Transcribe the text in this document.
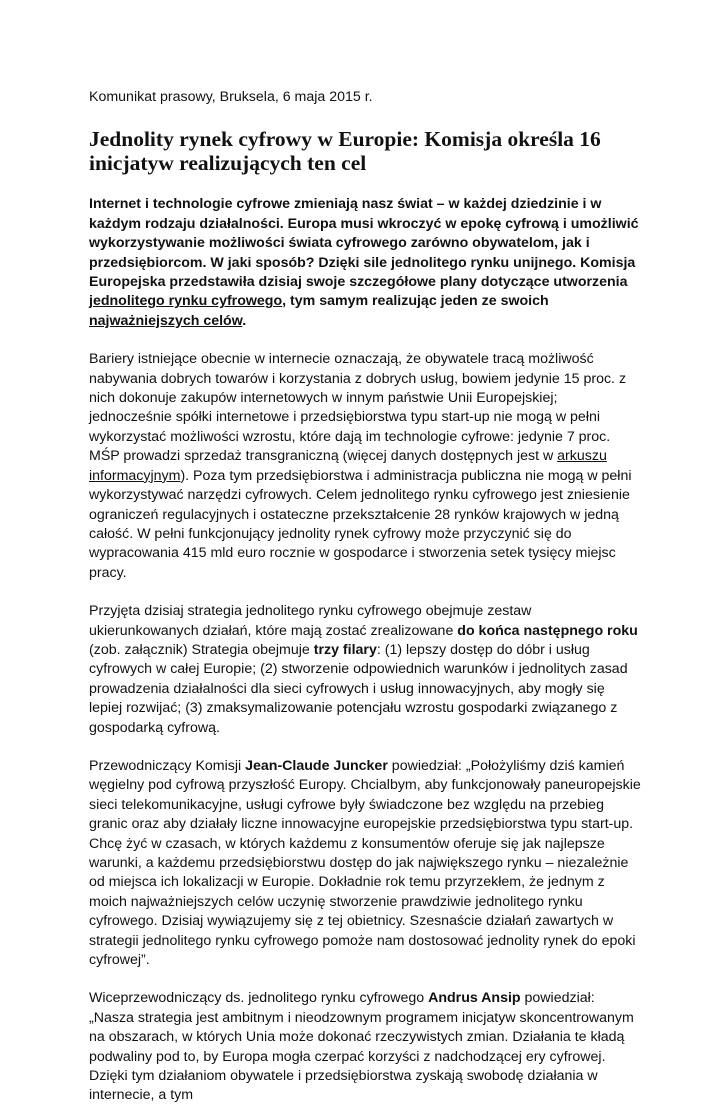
Komunikat prasowy, Bruksela, 6 maja 2015 r.
Jednolity rynek cyfrowy w Europie: Komisja określa 16 inicjatyw realizujących ten cel

Internet i technologie cyfrowe zmieniają nasz świat – w każdej dziedzinie i w każdym rodzaju działalności. Europa musi wkroczyć w epokę cyfrową i umożliwić wykorzystywanie możliwości świata cyfrowego zarówno obywatelom, jak i przedsiębiorcom. W jaki sposób? Dzięki sile jednolitego rynku unijnego. Komisja Europejska przedstawiła dzisiaj swoje szczegółowe plany dotyczące utworzenia jednolitego rynku cyfrowego, tym samym realizując jeden ze swoich najważniejszych celów.

Bariery istniejące obecnie w internecie oznaczają, że obywatele tracą możliwość nabywania dobrych towarów i korzystania z dobrych usług, bowiem jedynie 15 proc. z nich dokonuje zakupów internetowych w innym państwie Unii Europejskiej; jednocześnie spółki internetowe i przedsiębiorstwa typu start-up nie mogą w pełni wykorzystać możliwości wzrostu, które dają im technologie cyfrowe: jedynie 7 proc. MŚP prowadzi sprzedaż transgraniczną (więcej danych dostępnych jest w arkuszu informacyjnym). Poza tym przedsiębiorstwa i administracja publiczna nie mogą w pełni wykorzystywać narzędzi cyfrowych. Celem jednolitego rynku cyfrowego jest zniesienie ograniczeń regulacyjnych i ostateczne przekształcenie 28 rynków krajowych w jedną całość. W pełni funkcjonujący jednolity rynek cyfrowy może przyczynić się do wypracowania 415 mld euro rocznie w gospodarce i stworzenia setek tysięcy miejsc pracy.

Przyjęta dzisiaj strategia jednolitego rynku cyfrowego obejmuje zestaw ukierunkowanych działań, które mają zostać zrealizowane do końca następnego roku (zob. załącznik) Strategia obejmuje trzy filary: (1) lepszy dostęp do dóbr i usług cyfrowych w całej Europie; (2) stworzenie odpowiednich warunków i jednolitych zasad prowadzenia działalności dla sieci cyfrowych i usług innowacyjnych, aby mogły się lepiej rozwijać; (3) zmaksymalizowanie potencjału wzrostu gospodarki związanego z gospodarką cyfrową.

Przewodniczący Komisji Jean-Claude Juncker powiedział: „Położyliśmy dziś kamień węgielny pod cyfrową przyszłość Europy. Chcialbym, aby funkcjonowały paneuropejskie sieci telekomunikacyjne, usługi cyfrowe były świadczone bez względu na przebieg granic oraz aby działały liczne innowacyjne europejskie przedsiębiorstwa typu start-up. Chcę żyć w czasach, w których każdemu z konsumentów oferuje się jak najlepsze warunki, a każdemu przedsiębiorstwu dostęp do jak największego rynku – niezależnie od miejsca ich lokalizacji w Europie. Dokładnie rok temu przyrzekłem, że jednym z moich najważniejszych celów uczynię stworzenie prawdziwie jednolitego rynku cyfrowego. Dzisiaj wywiązujemy się z tej obietnicy. Szesnaście działań zawartych w strategii jednolitego rynku cyfrowego pomoże nam dostosować jednolity rynek do epoki cyfrowej”.

Wiceprzewodniczący ds. jednolitego rynku cyfrowego Andrus Ansip powiedział: „Nasza strategia jest ambitnym i nieodzownym programem inicjatyw skoncentrowanym na obszarach, w których Unia może dokonać rzeczywistych zmian. Działania te kładą podwaliny pod to, by Europa mogła czerpać korzyści z nadchodzącej ery cyfrowej. Dzięki tym działaniom obywatele i przedsiębiorstwa zyskają swobodę działania w internecie, a tym
